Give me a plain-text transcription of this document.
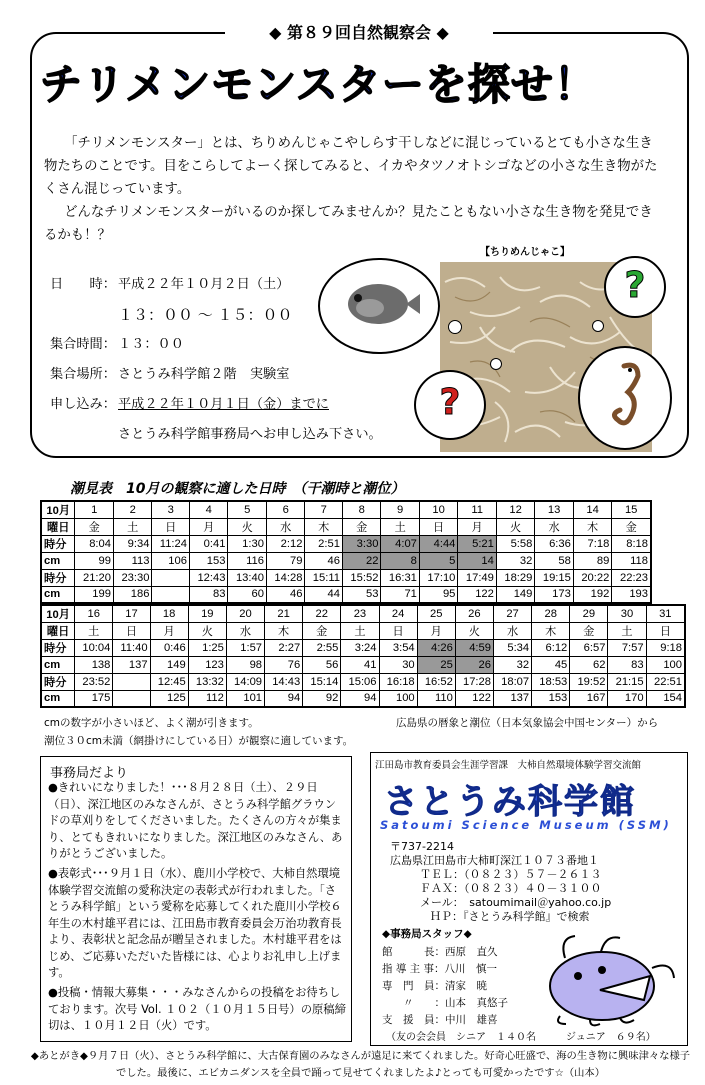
◆ 第８９回自然観察会 ◆
チリメンモンスターを探せ！
「チリメンモンスター」とは、ちりめんじゃこやしらす干しなどに混じっているとても小さな生き物たちのことです。目をこらしてよーく探してみると、イカやタツノオトシゴなどの小さな生き物がたくさん混じっています。
どんなチリメンモンスターがいるのか探してみませんか？見たこともない小さな生き物を発見できるかも！？
日　　時： 平成２２年１０月２日（土）
１３：００ ～ １５：００
集合時間： １３：００
集合場所： さとうみ科学館２階　実験室
申し込み： 平成２２年１０月１日（金）までに
さとうみ科学館事務局へお申し込み下さい。
【ちりめんじゃこ】
?
?
潮見表　10月の観察に適した日時　（干潮時と潮位）
10月	1	2	3	4	5	6	7	8	9	10	11	12	13	14	15
曜日	金	土	日	月	火	水	木	金	土	日	月	火	水	木	金
時分	8:04	9:34	11:24	0:41	1:30	2:12	2:51	3:30	4:07	4:44	5:21	5:58	6:36	7:18	8:18
cm	99	113	106	153	116	79	46	22	8	5	14	32	58	89	118
時分	21:20	23:30		12:43	13:40	14:28	15:11	15:52	16:31	17:10	17:49	18:29	19:15	20:22	22:23
cm	199	186		83	60	46	44	53	71	95	122	149	173	192	193
10月	16	17	18	19	20	21	22	23	24	25	26	27	28	29	30	31
曜日	土	日	月	火	水	木	金	土	日	月	火	水	木	金	土	日
時分	10:04	11:40	0:46	1:25	1:57	2:27	2:55	3:24	3:54	4:26	4:59	5:34	6:12	6:57	7:57	9:18
cm	138	137	149	123	98	76	56	41	30	25	26	32	45	62	83	100
時分	23:52		12:45	13:32	14:09	14:43	15:14	15:06	16:18	16:52	17:28	18:07	18:53	19:52	21:15	22:51
cm	175		125	112	101	94	92	94	100	110	122	137	153	167	170	154
cmの数字が小さいほど、よく潮が引きます。	広島県の暦象と潮位（日本気象協会中国センター）から
潮位３０cm未満（網掛けにしている日）が観察に適しています。
事務局だより
●きれいになりました！･･･８月２８日（土）、２９日（日）、深江地区のみなさんが、さとうみ科学館グラウンドの草刈りをしてくださいました。たくさんの方々が集まり、とてもきれいになりました。深江地区のみなさん、ありがとうございました。
●表彰式･･･９月１日（水）、鹿川小学校で、大柿自然環境体験学習交流館の愛称決定の表彰式が行われました。「さとうみ科学館」という愛称を応募してくれた鹿川小学校６年生の木村雄平君には、江田島市教育委員会万治功教育長より、表彰状と記念品が贈呈されました。木村雄平君をはじめ、ご応募いただいた皆様には、心よりお礼申し上げます。
●投稿・情報大募集・・・みなさんからの投稿をお待ちしております。次号 Vol. １０２（１０月１５日号）の原稿締切は、１０月１２日（火）です。
江田島市教育委員会生涯学習課　大柿自然環境体験学習交流館
さとうみ科学館
Satoumi Science Museum (SSM)
〒737-2214
広島県江田島市大柿町深江１０７３番地１
ＴＥＬ：（０８２３）５７－２６１３
ＦＡＸ：（０８２３）４０－３１００
メール：　satoumimail＠yahoo.co.jp
ＨＰ：『さとうみ科学館』で検索
◆事務局スタッフ◆
館　　　長：西原　直久
指 導 主 事：八川　慎一
専　門　員：清家　暁
　　〃　　：山本　真悠子
支　援　員：中川　雄喜
（友の会会員　シニア　１４０名　　　ジュニア　６９名）
◆あとがき◆９月７日（火）、さとうみ科学館に、大古保育園のみなさんが遠足に来てくれました。好奇心旺盛で、海の生き物に興味津々な様子でした。最後に、エビカニダンスを全員で踊って見せてくれましたよ♪とっても可愛かったです☆（山本）
